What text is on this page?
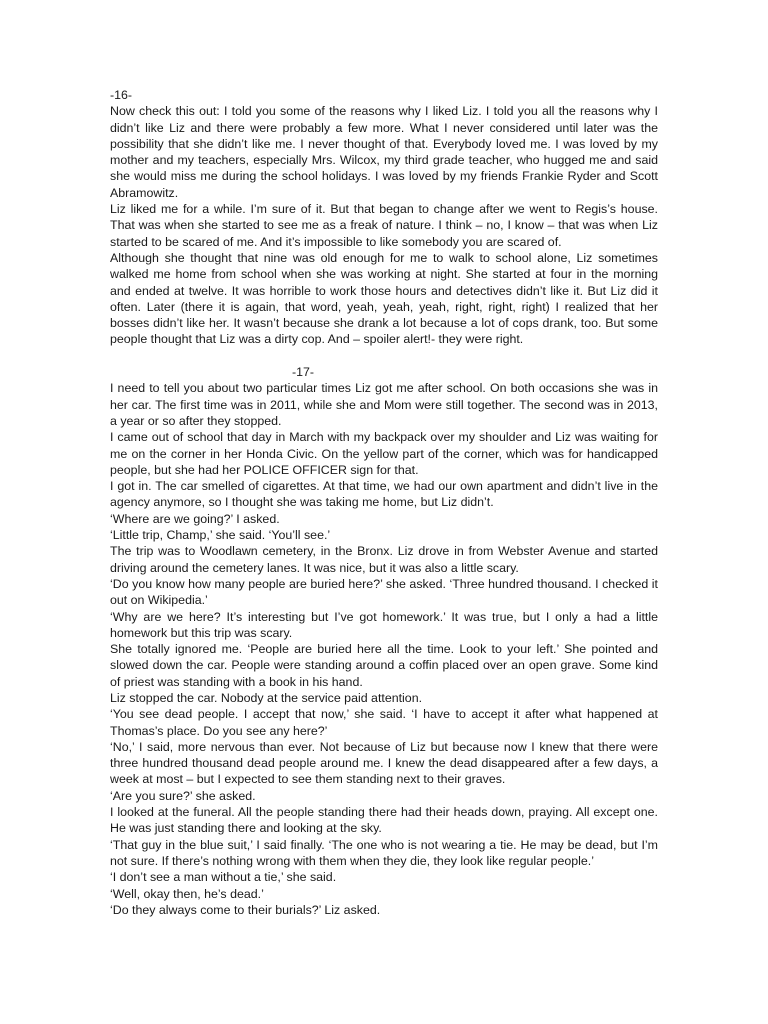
-16-

Now check this out: I told you some of the reasons why I liked Liz. I told you all the reasons why I didn’t like Liz and there were probably a few more. What I never considered until later was the possibility that she didn’t like me. I never thought of that. Everybody loved me. I was loved by my mother and my teachers, especially Mrs. Wilcox, my third grade teacher, who hugged me and said she would miss me during the school holidays. I was loved by my friends Frankie Ryder and Scott Abramowitz.

Liz liked me for a while. I’m sure of it. But that began to change after we went to Regis’s house. That was when she started to see me as a freak of nature. I think – no, I know – that was when Liz started to be scared of me. And it’s impossible to like somebody you are scared of.

Although she thought that nine was old enough for me to walk to school alone, Liz sometimes walked me home from school when she was working at night. She started at four in the morning and ended at twelve. It was horrible to work those hours and detectives didn’t like it. But Liz did it often. Later (there it is again, that word, yeah, yeah, yeah, right, right, right) I realized that her bosses didn’t like her. It wasn’t because she drank a lot because a lot of cops drank, too. But some people thought that Liz was a dirty cop. And – spoiler alert!- they were right.

-17-

I need to tell you about two particular times Liz got me after school. On both occasions she was in her car. The first time was in 2011, while she and Mom were still together. The second was in 2013, a year or so after they stopped.

I came out of school that day in March with my backpack over my shoulder and Liz was waiting for me on the corner in her Honda Civic. On the yellow part of the corner, which was for handicapped people, but she had her POLICE OFFICER sign for that.

I got in. The car smelled of cigarettes. At that time, we had our own apartment and didn’t live in the agency anymore, so I thought she was taking me home, but Liz didn’t.

‘Where are we going?’ I asked.

‘Little trip, Champ,’ she said. ‘You’ll see.’

The trip was to Woodlawn cemetery, in the Bronx. Liz drove in from Webster Avenue and started driving around the cemetery lanes. It was nice, but it was also a little scary.

‘Do you know how many people are buried here?’ she asked. ‘Three hundred thousand. I checked it out on Wikipedia.’

‘Why are we here? It’s interesting but I’ve got homework.’ It was true, but I only a had a little homework but this trip was scary.

She totally ignored me. ‘People are buried here all the time. Look to your left.’ She pointed and slowed down the car. People were standing around a coffin placed over an open grave. Some kind of priest was standing with a book in his hand.

Liz stopped the car. Nobody at the service paid attention.

‘You see dead people. I accept that now,’ she said. ‘I have to accept it after what happened at Thomas’s place. Do you see any here?’

‘No,’ I said, more nervous than ever. Not because of Liz but because now I knew that there were three hundred thousand dead people around me. I knew the dead disappeared after a few days, a week at most – but I expected to see them standing next to their graves.

‘Are you sure?’ she asked.

I looked at the funeral. All the people standing there had their heads down, praying. All except one. He was just standing there and looking at the sky.

‘That guy in the blue suit,’ I said finally. ‘The one who is not wearing a tie. He may be dead, but I’m not sure. If there’s nothing wrong with them when they die, they look like regular people.’

‘I don’t see a man without a tie,’ she said.

‘Well, okay then, he’s dead.’

‘Do they always come to their burials?’ Liz asked.
